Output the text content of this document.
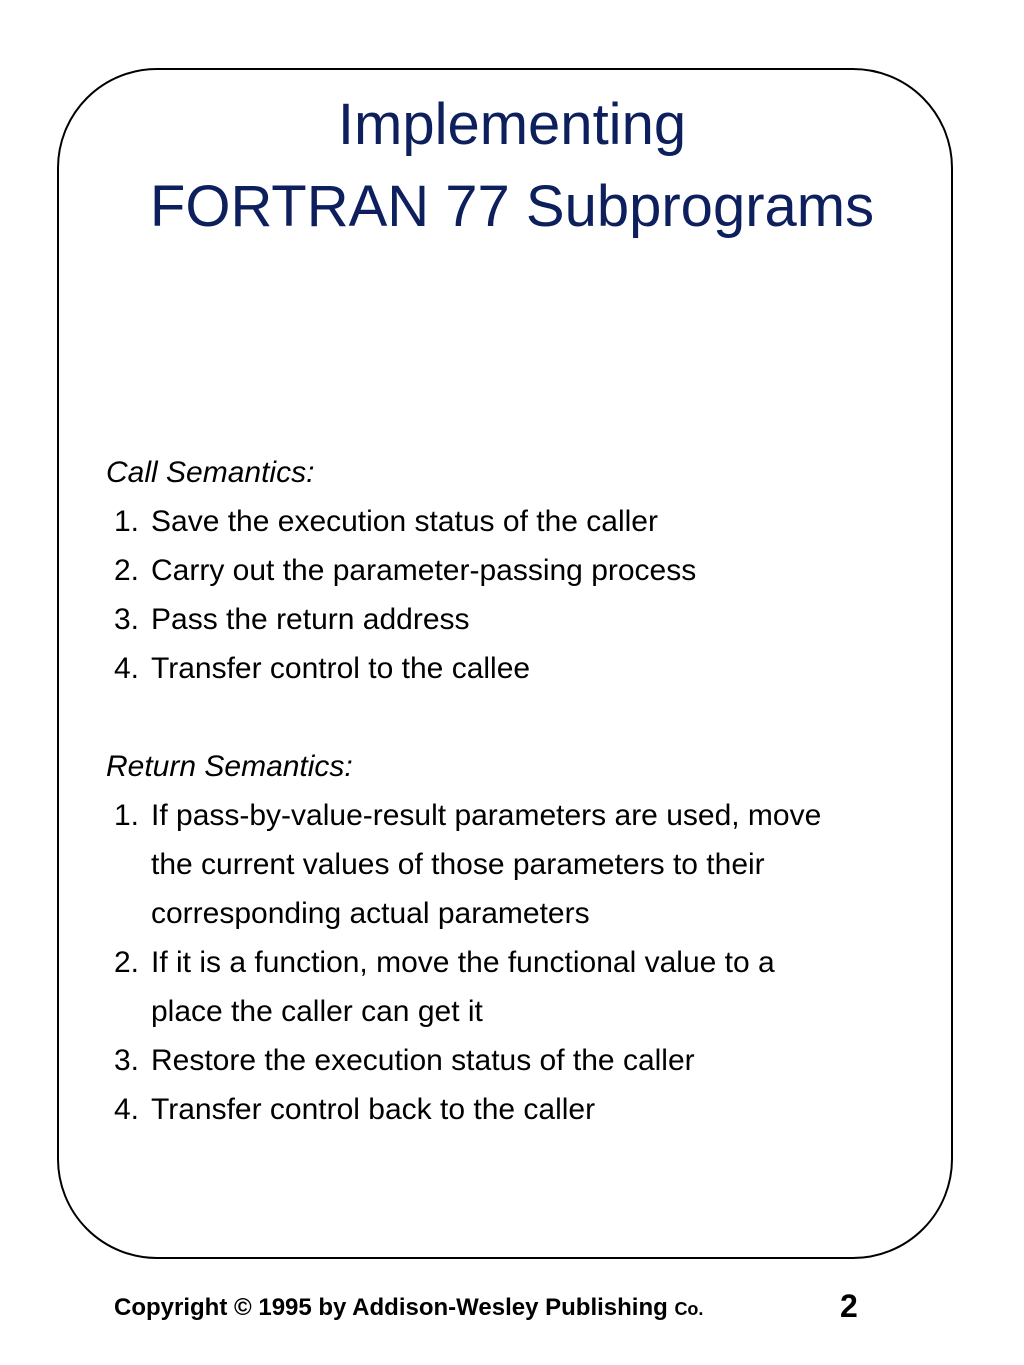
Implementing
FORTRAN 77 Subprograms

Call Semantics:

1. Save the execution status of the caller
2. Carry out the parameter-passing process
3. Pass the return address
4. Transfer control to the callee

Return Semantics:

1. If pass-by-value-result parameters are used, move
the current values of those parameters to their
corresponding actual parameters
2. If it is a function, move the functional value to a
place the caller can get it
3. Restore the execution status of the caller
4. Transfer control back to the caller
Copyright © 1995 by Addison-Wesley Publishing Co.	2
